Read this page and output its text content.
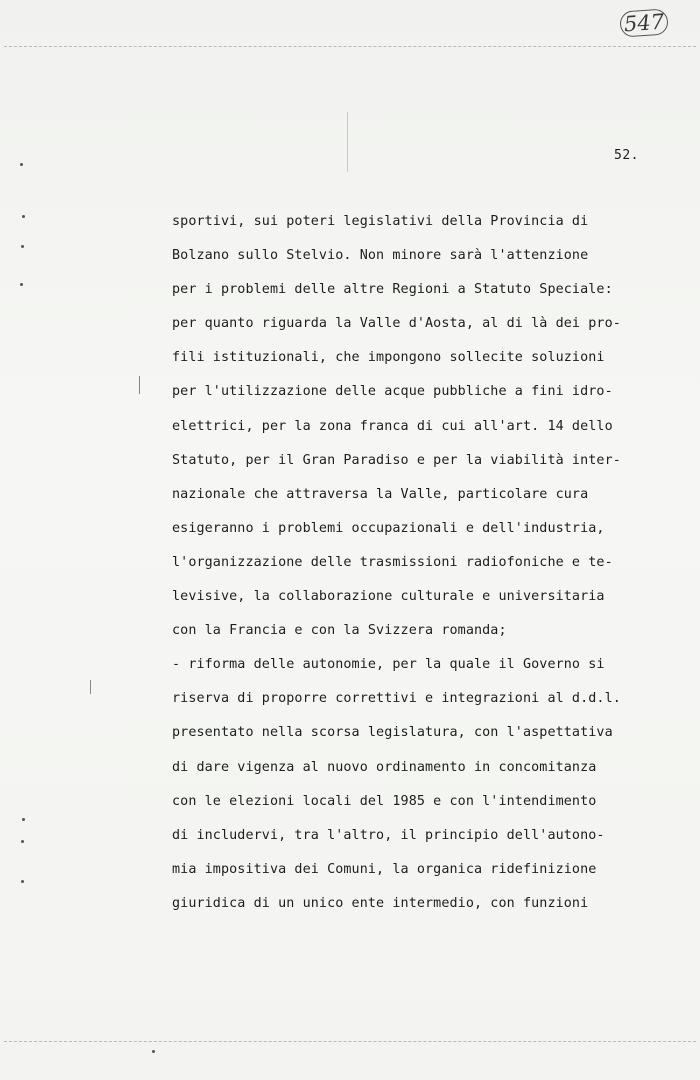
547
52.
sportivi, sui poteri legislativi della Provincia di
Bolzano sullo Stelvio. Non minore sarà l'attenzione
per i problemi delle altre Regioni a Statuto Speciale:
per quanto riguarda la Valle d'Aosta, al di là dei pro-
fili istituzionali, che impongono sollecite soluzioni
per l'utilizzazione delle acque pubbliche a fini idro-
elettrici, per la zona franca di cui all'art. 14 dello
Statuto, per il Gran Paradiso e per la viabilità inter-
nazionale che attraversa la Valle, particolare cura
esigeranno i problemi occupazionali e dell'industria,
l'organizzazione delle trasmissioni radiofoniche e te-
levisive, la collaborazione culturale e universitaria
con la Francia e con la Svizzera romanda;
- riforma delle autonomie, per la quale il Governo si
riserva di proporre correttivi e integrazioni al d.d.l.
presentato nella scorsa legislatura, con l'aspettativa
di dare vigenza al nuovo ordinamento in concomitanza
con le elezioni locali del 1985 e con l'intendimento
di includervi, tra l'altro, il principio dell'autono-
mia impositiva dei Comuni, la organica ridefinizione
giuridica di un unico ente intermedio, con funzioni
